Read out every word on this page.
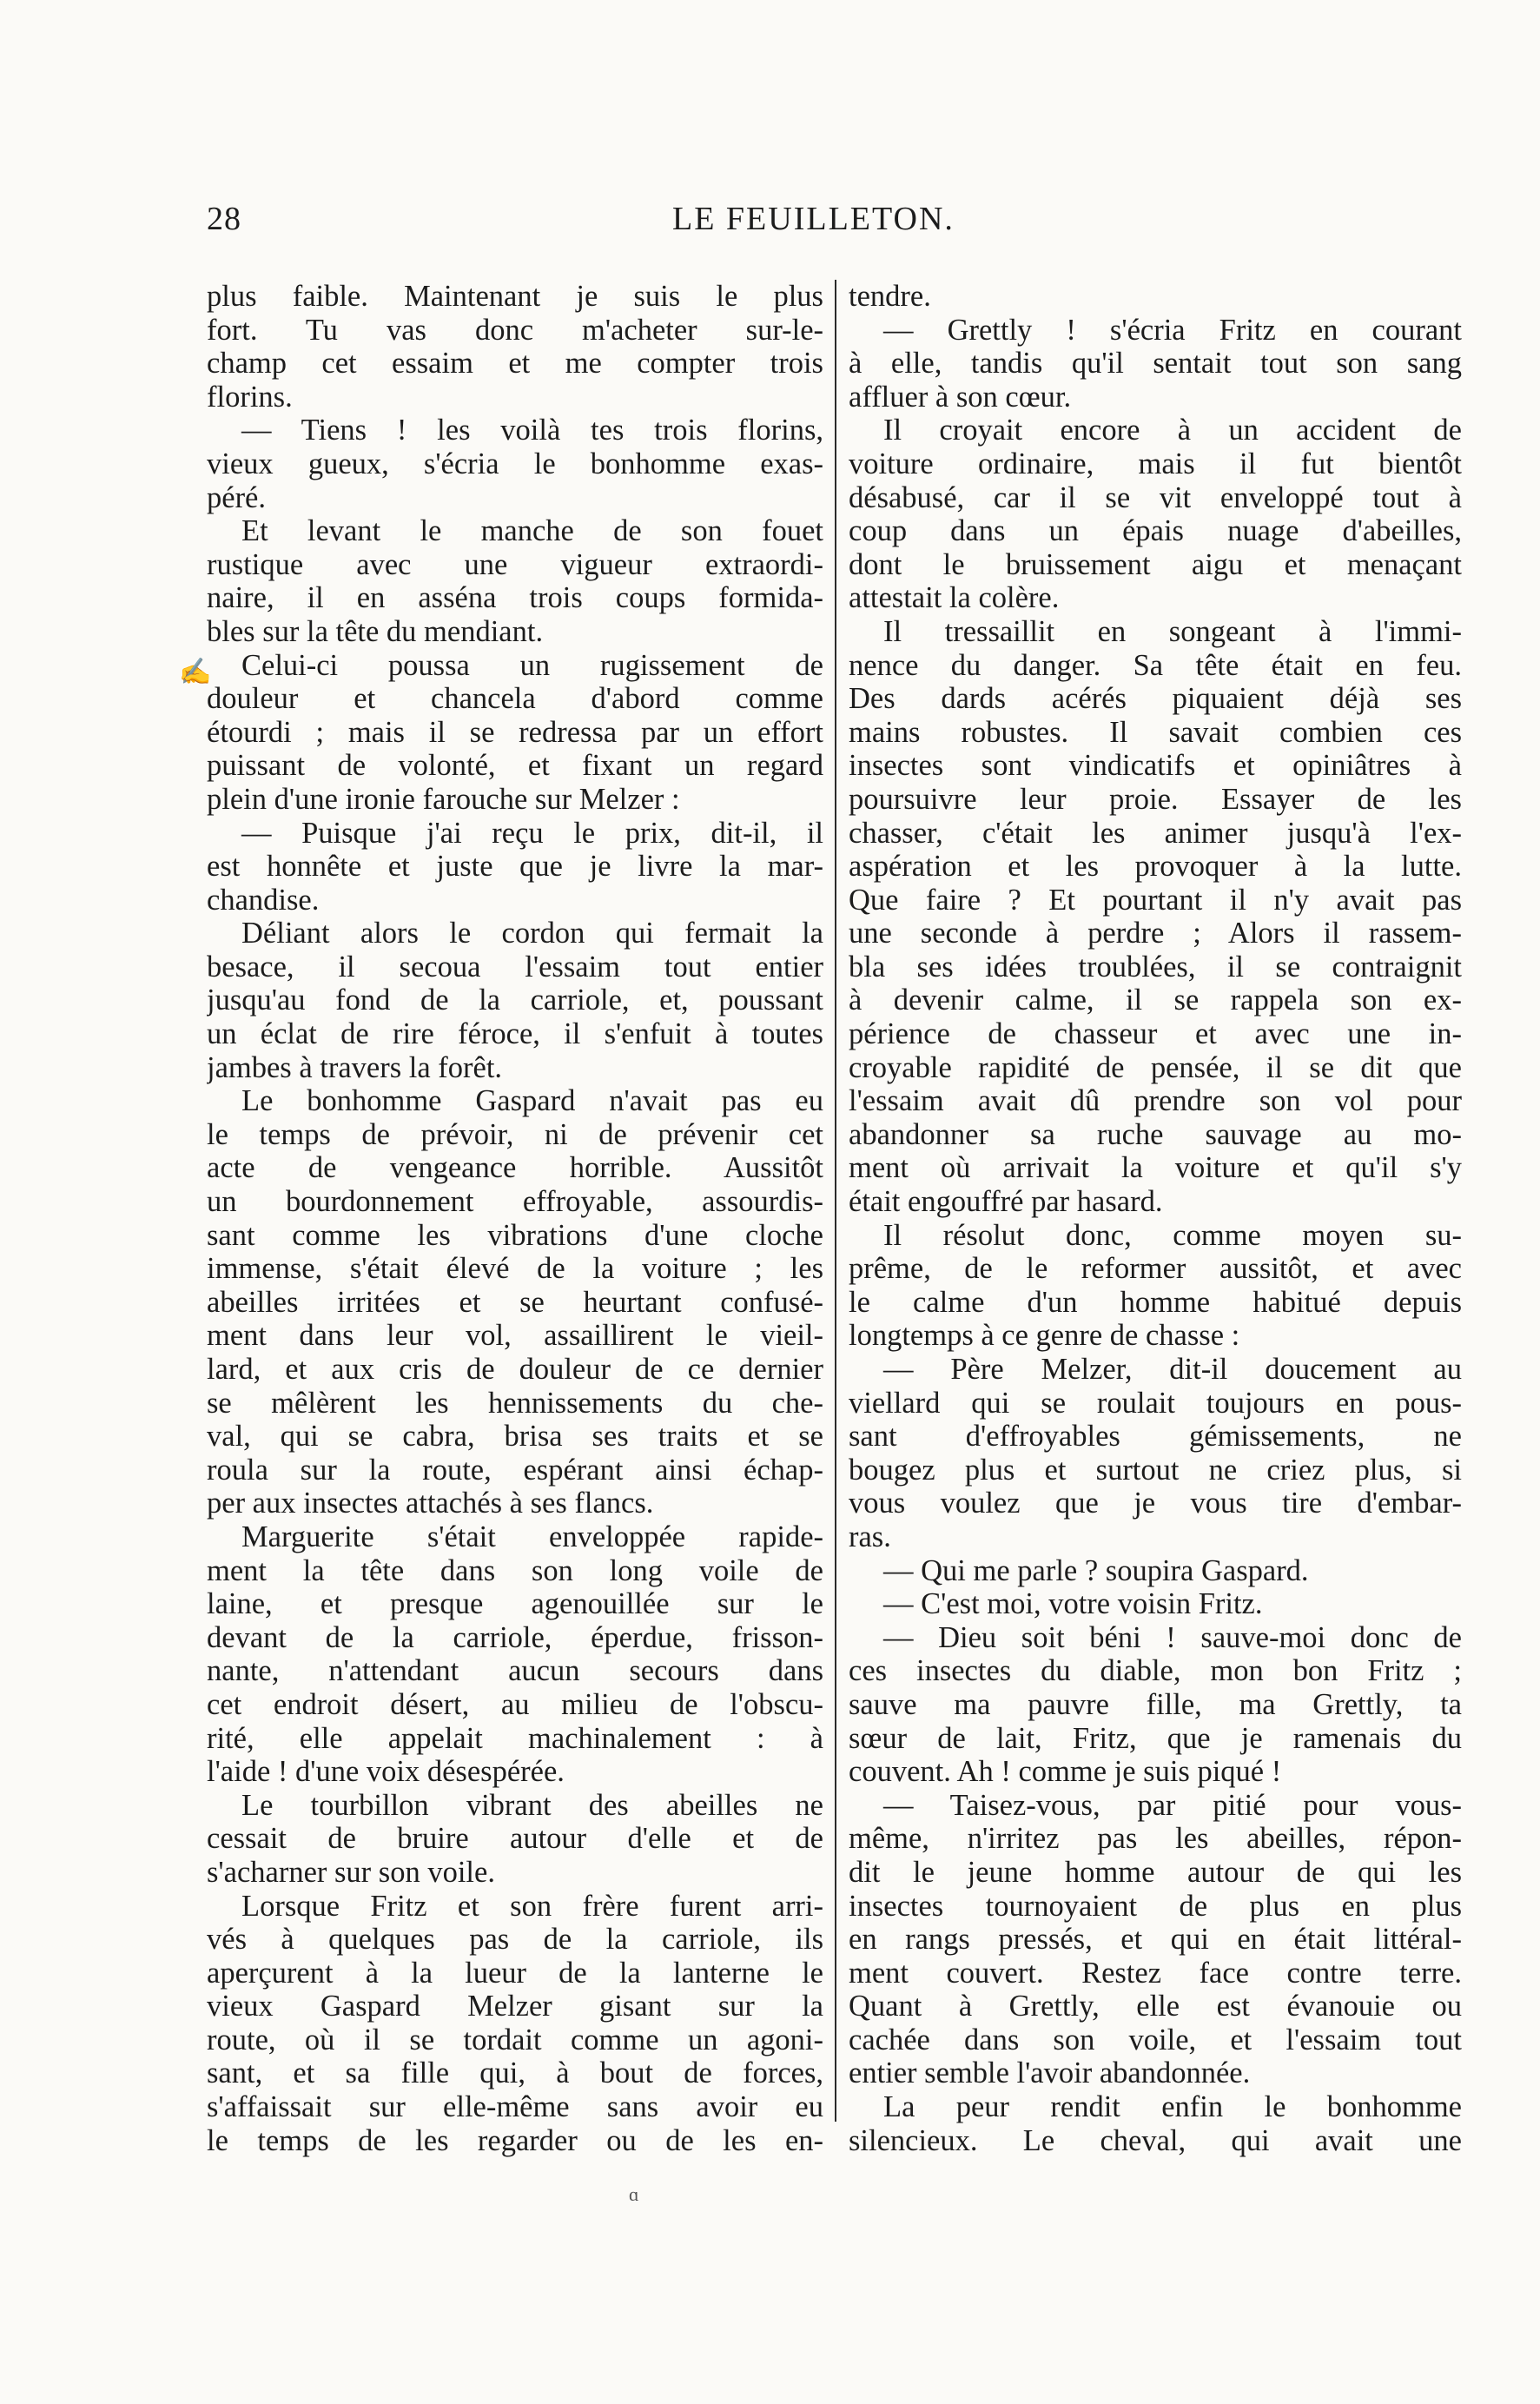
28	LE FEUILLETON.
✍
plus faible. Maintenant je suis le plus
fort. Tu vas donc m'acheter sur-le-
champ cet essaim et me compter trois
florins.
— Tiens ! les voilà tes trois florins,
vieux gueux, s'écria le bonhomme exas-
péré.
Et levant le manche de son fouet
rustique avec une vigueur extraordi-
naire, il en asséna trois coups formida-
bles sur la tête du mendiant.
Celui-ci poussa un rugissement de
douleur et chancela d'abord comme
étourdi ; mais il se redressa par un effort
puissant de volonté, et fixant un regard
plein d'une ironie farouche sur Melzer :
— Puisque j'ai reçu le prix, dit-il, il
est honnête et juste que je livre la mar-
chandise.
Déliant alors le cordon qui fermait la
besace, il secoua l'essaim tout entier
jusqu'au fond de la carriole, et, poussant
un éclat de rire féroce, il s'enfuit à toutes
jambes à travers la forêt.
Le bonhomme Gaspard n'avait pas eu
le temps de prévoir, ni de prévenir cet
acte de vengeance horrible. Aussitôt
un bourdonnement effroyable, assourdis-
sant comme les vibrations d'une cloche
immense, s'était élevé de la voiture ; les
abeilles irritées et se heurtant confusé-
ment dans leur vol, assaillirent le vieil-
lard, et aux cris de douleur de ce dernier
se mêlèrent les hennissements du che-
val, qui se cabra, brisa ses traits et se
roula sur la route, espérant ainsi échap-
per aux insectes attachés à ses flancs.
Marguerite s'était enveloppée rapide-
ment la tête dans son long voile de
laine, et presque agenouillée sur le
devant de la carriole, éperdue, frisson-
nante, n'attendant aucun secours dans
cet endroit désert, au milieu de l'obscu-
rité, elle appelait machinalement : à
l'aide ! d'une voix désespérée.
Le tourbillon vibrant des abeilles ne
cessait de bruire autour d'elle et de
s'acharner sur son voile.
Lorsque Fritz et son frère furent arri-
vés à quelques pas de la carriole, ils
aperçurent à la lueur de la lanterne le
vieux Gaspard Melzer gisant sur la
route, où il se tordait comme un agoni-
sant, et sa fille qui, à bout de forces,
s'affaissait sur elle-même sans avoir eu
le temps de les regarder ou de les en-
tendre.
— Grettly ! s'écria Fritz en courant
à elle, tandis qu'il sentait tout son sang
affluer à son cœur.
Il croyait encore à un accident de
voiture ordinaire, mais il fut bientôt
désabusé, car il se vit enveloppé tout à
coup dans un épais nuage d'abeilles,
dont le bruissement aigu et menaçant
attestait la colère.
Il tressaillit en songeant à l'immi-
nence du danger. Sa tête était en feu.
Des dards acérés piquaient déjà ses
mains robustes. Il savait combien ces
insectes sont vindicatifs et opiniâtres à
poursuivre leur proie. Essayer de les
chasser, c'était les animer jusqu'à l'ex-
aspération et les provoquer à la lutte.
Que faire ? Et pourtant il n'y avait pas
une seconde à perdre ; Alors il rassem-
bla ses idées troublées, il se contraignit
à devenir calme, il se rappela son ex-
périence de chasseur et avec une in-
croyable rapidité de pensée, il se dit que
l'essaim avait dû prendre son vol pour
abandonner sa ruche sauvage au mo-
ment où arrivait la voiture et qu'il s'y
était engouffré par hasard.
Il résolut donc, comme moyen su-
prême, de le reformer aussitôt, et avec
le calme d'un homme habitué depuis
longtemps à ce genre de chasse :
— Père Melzer, dit-il doucement au
viellard qui se roulait toujours en pous-
sant d'effroyables gémissements, ne
bougez plus et surtout ne criez plus, si
vous voulez que je vous tire d'embar-
ras.
— Qui me parle ? soupira Gaspard.
— C'est moi, votre voisin Fritz.
— Dieu soit béni ! sauve-moi donc de
ces insectes du diable, mon bon Fritz ;
sauve ma pauvre fille, ma Grettly, ta
sœur de lait, Fritz, que je ramenais du
couvent. Ah ! comme je suis piqué !
— Taisez-vous, par pitié pour vous-
même, n'irritez pas les abeilles, répon-
dit le jeune homme autour de qui les
insectes tournoyaient de plus en plus
en rangs pressés, et qui en était littéral-
ment couvert. Restez face contre terre.
Quant à Grettly, elle est évanouie ou
cachée dans son voile, et l'essaim tout
entier semble l'avoir abandonnée.
La peur rendit enfin le bonhomme
silencieux. Le cheval, qui avait une
ɑ
